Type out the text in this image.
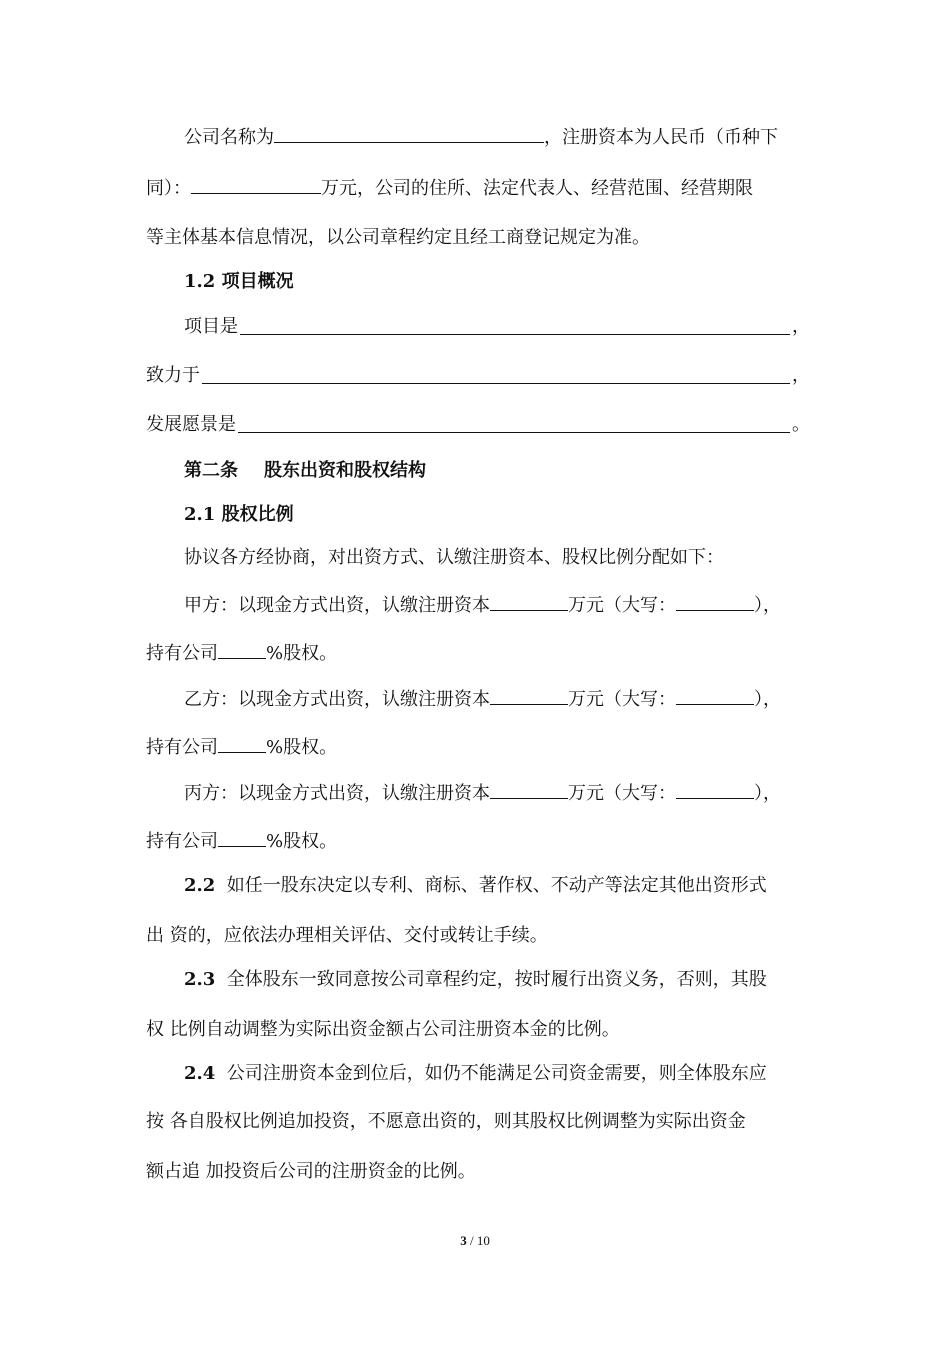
公司名称为	，注册资本为人民币（币种下
同）：	万元，公司的住所、法定代表人、经营范围、经营期限
等主体基本信息情况，以公司章程约定且经工商登记规定为准。
1.2 项目概况
项目是	，
致力于	，
发展愿景是	。
第二条 股东出资和股权结构
2.1 股权比例
协议各方经协商，对出资方式、认缴注册资本、股权比例分配如下：
甲方：以现金方式出资，认缴注册资本	万元（大写：	），
持有公司	%股权。
乙方：以现金方式出资，认缴注册资本	万元（大写：	），
持有公司	%股权。
丙方：以现金方式出资，认缴注册资本	万元（大写：	），
持有公司	%股权。
2.2 如任一股东决定以专利、商标、著作权、不动产等法定其他出资形式
出 资的，应依法办理相关评估、交付或转让手续。
2.3 全体股东一致同意按公司章程约定，按时履行出资义务，否则，其股
权 比例自动调整为实际出资金额占公司注册资本金的比例。
2.4 公司注册资本金到位后，如仍不能满足公司资金需要，则全体股东应
按 各自股权比例追加投资，不愿意出资的，则其股权比例调整为实际出资金
额占追 加投资后公司的注册资金的比例。
3 / 10
